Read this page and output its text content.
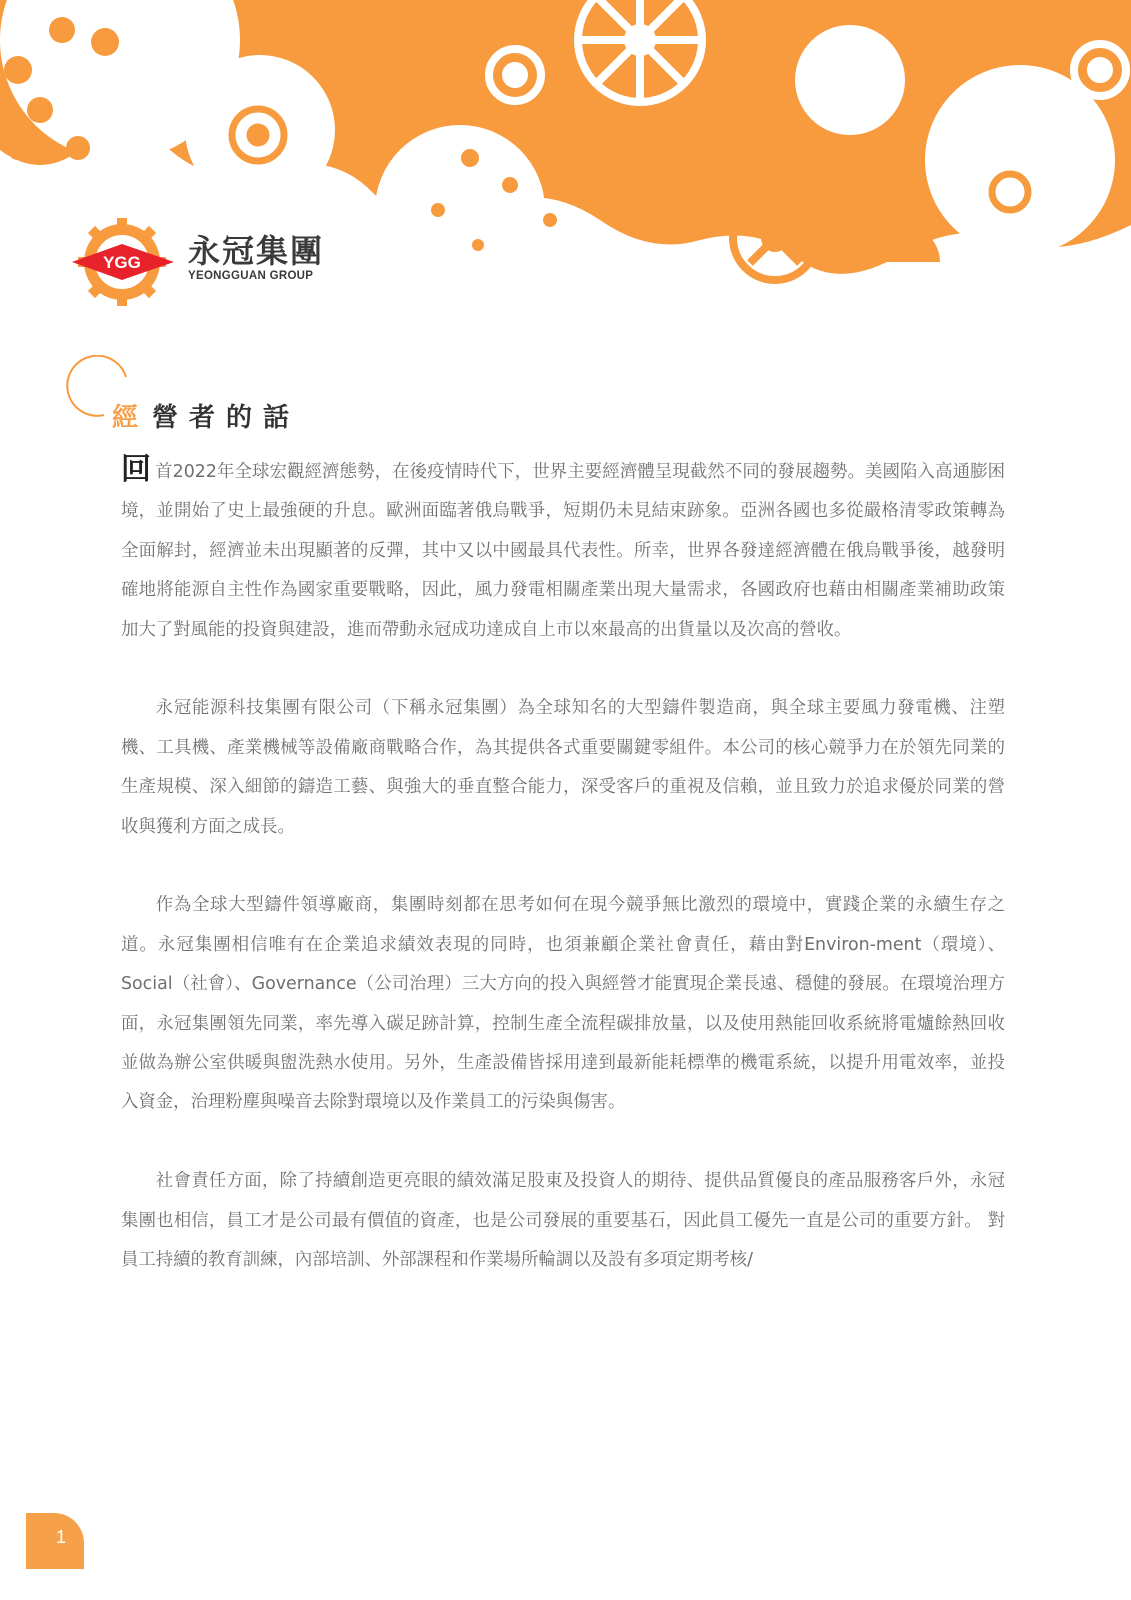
YGG 永冠集團
YEONGGUAN GROUP
經 營者的話

回首2022年全球宏觀經濟態勢，在後疫情時代下，世界主要經濟體呈現截然不同的發展趨勢。美國陷入高通膨困境，並開始了史上最強硬的升息。歐洲面臨著俄烏戰爭，短期仍未見結束跡象。亞洲各國也多從嚴格清零政策轉為全面解封，經濟並未出現顯著的反彈，其中又以中國最具代表性。所幸，世界各發達經濟體在俄烏戰爭後，越發明確地將能源自主性作為國家重要戰略，因此，風力發電相關產業出現大量需求，各國政府也藉由相關產業補助政策加大了對風能的投資與建設，進而帶動永冠成功達成自上市以來最高的出貨量以及次高的營收。

永冠能源科技集團有限公司（下稱永冠集團）為全球知名的大型鑄件製造商，與全球主要風力發電機、注塑機、工具機、產業機械等設備廠商戰略合作，為其提供各式重要關鍵零組件。本公司的核心競爭力在於領先同業的生產規模、深入細節的鑄造工藝、與強大的垂直整合能力，深受客戶的重視及信賴，並且致力於追求優於同業的營收與獲利方面之成長。

作為全球大型鑄件領導廠商，集團時刻都在思考如何在現今競爭無比激烈的環境中，實踐企業的永續生存之道。永冠集團相信唯有在企業追求績效表現的同時，也須兼顧企業社會責任，藉由對Environ-ment（環境）、Social（社會）、Governance（公司治理）三大方向的投入與經營才能實現企業長遠、穩健的發展。在環境治理方面，永冠集團領先同業，率先導入碳足跡計算，控制生產全流程碳排放量，以及使用熱能回收系統將電爐餘熱回收並做為辦公室供暖與盥洗熱水使用。另外，生產設備皆採用達到最新能耗標準的機電系統，以提升用電效率，並投入資金，治理粉塵與噪音去除對環境以及作業員工的污染與傷害。

社會責任方面，除了持續創造更亮眼的績效滿足股東及投資人的期待、提供品質優良的產品服務客戶外，永冠集團也相信，員工才是公司最有價值的資產，也是公司發展的重要基石，因此員工優先一直是公司的重要方針。 對員工持續的教育訓練，內部培訓、外部課程和作業場所輪調以及設有多項定期考核/

1
